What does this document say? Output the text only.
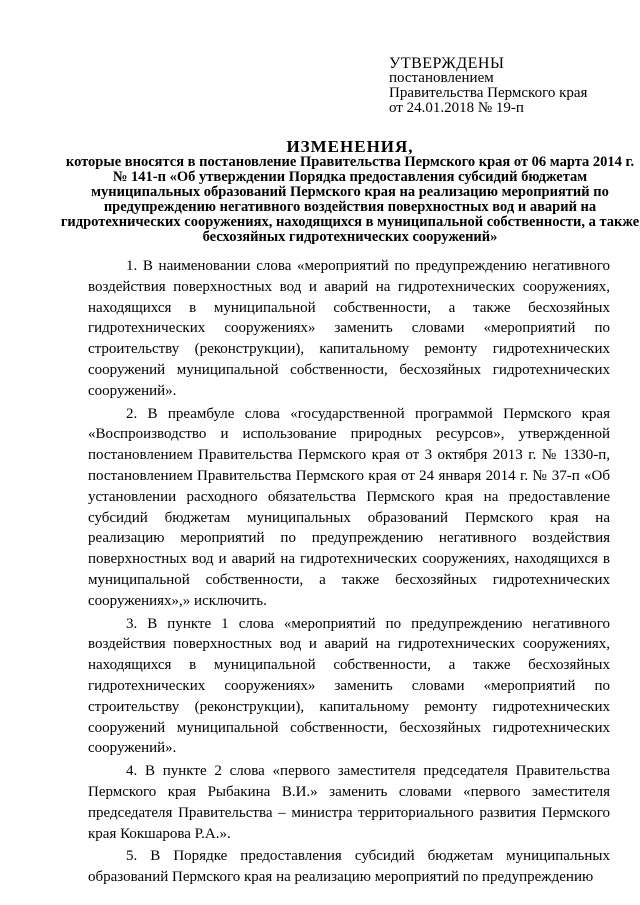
УТВЕРЖДЕНЫ
постановлением
Правительства Пермского края
от 24.01.2018 № 19-п
ИЗМЕНЕНИЯ,
которые вносятся в постановление Правительства Пермского края от 06 марта 2014 г. № 141-п «Об утверждении Порядка предоставления субсидий бюджетам муниципальных образований Пермского края на реализацию мероприятий по предупреждению негативного воздействия поверхностных вод и аварий на гидротехнических сооружениях, находящихся в муниципальной собственности, а также бесхозяйных гидротехнических сооружений»

1. В наименовании слова «мероприятий по предупреждению негативного воздействия поверхностных вод и аварий на гидротехнических сооружениях, находящихся в муниципальной собственности, а также бесхозяйных гидротехнических сооружениях» заменить словами «мероприятий по строительству (реконструкции), капитальному ремонту гидротехнических сооружений муниципальной собственности, бесхозяйных гидротехнических сооружений».

2. В преамбуле слова «государственной программой Пермского края «Воспроизводство и использование природных ресурсов», утвержденной постановлением Правительства Пермского края от 3 октября 2013 г. № 1330-п, постановлением Правительства Пермского края от 24 января 2014 г. № 37-п «Об установлении расходного обязательства Пермского края на предоставление субсидий бюджетам муниципальных образований Пермского края на реализацию мероприятий по предупреждению негативного воздействия поверхностных вод и аварий на гидротехнических сооружениях, находящихся в муниципальной собственности, а также бесхозяйных гидротехнических сооружениях»,» исключить.

3. В пункте 1 слова «мероприятий по предупреждению негативного воздействия поверхностных вод и аварий на гидротехнических сооружениях, находящихся в муниципальной собственности, а также бесхозяйных гидротехнических сооружениях» заменить словами «мероприятий по строительству (реконструкции), капитальному ремонту гидротехнических сооружений муниципальной собственности, бесхозяйных гидротехнических сооружений».

4. В пункте 2 слова «первого заместителя председателя Правительства Пермского края Рыбакина В.И.» заменить словами «первого заместителя председателя Правительства – министра территориального развития Пермского края Кокшарова Р.А.».

5. В Порядке предоставления субсидий бюджетам муниципальных образований Пермского края на реализацию мероприятий по предупреждению
